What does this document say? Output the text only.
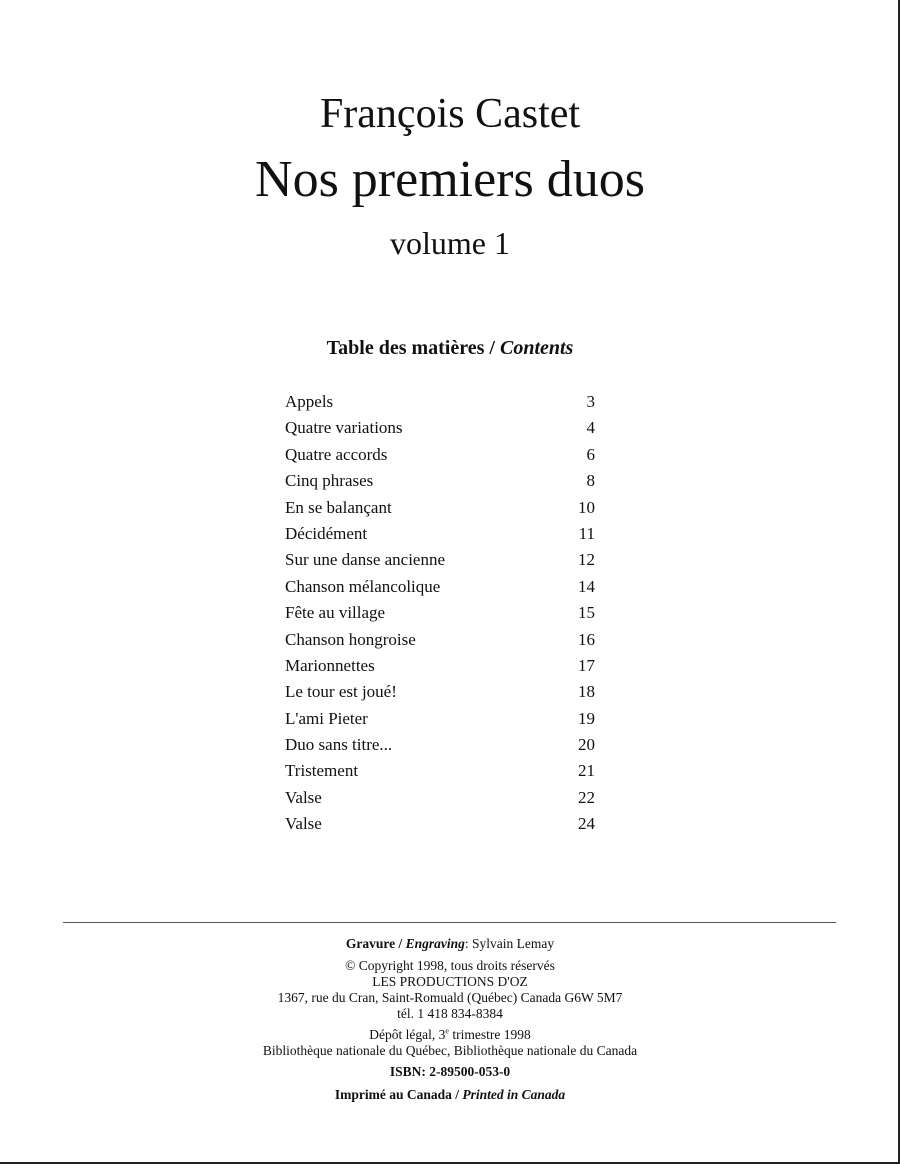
François Castet
Nos premiers duos
volume 1
Table des matières / Contents
Appels	3
Quatre variations	4
Quatre accords	6
Cinq phrases	8
En se balançant	10
Décidément	11
Sur une danse ancienne	12
Chanson mélancolique	14
Fête au village	15
Chanson hongroise	16
Marionnettes	17
Le tour est joué!	18
L'ami Pieter	19
Duo sans titre...	20
Tristement	21
Valse	22
Valse	24
Gravure / Engraving: Sylvain Lemay
© Copyright 1998, tous droits réservés
LES PRODUCTIONS D'OZ
1367, rue du Cran, Saint-Romuald (Québec) Canada G6W 5M7
tél. 1 418 834-8384
Dépôt légal, 3e trimestre 1998
Bibliothèque nationale du Québec, Bibliothèque nationale du Canada
ISBN: 2-89500-053-0
Imprimé au Canada / Printed in Canada
